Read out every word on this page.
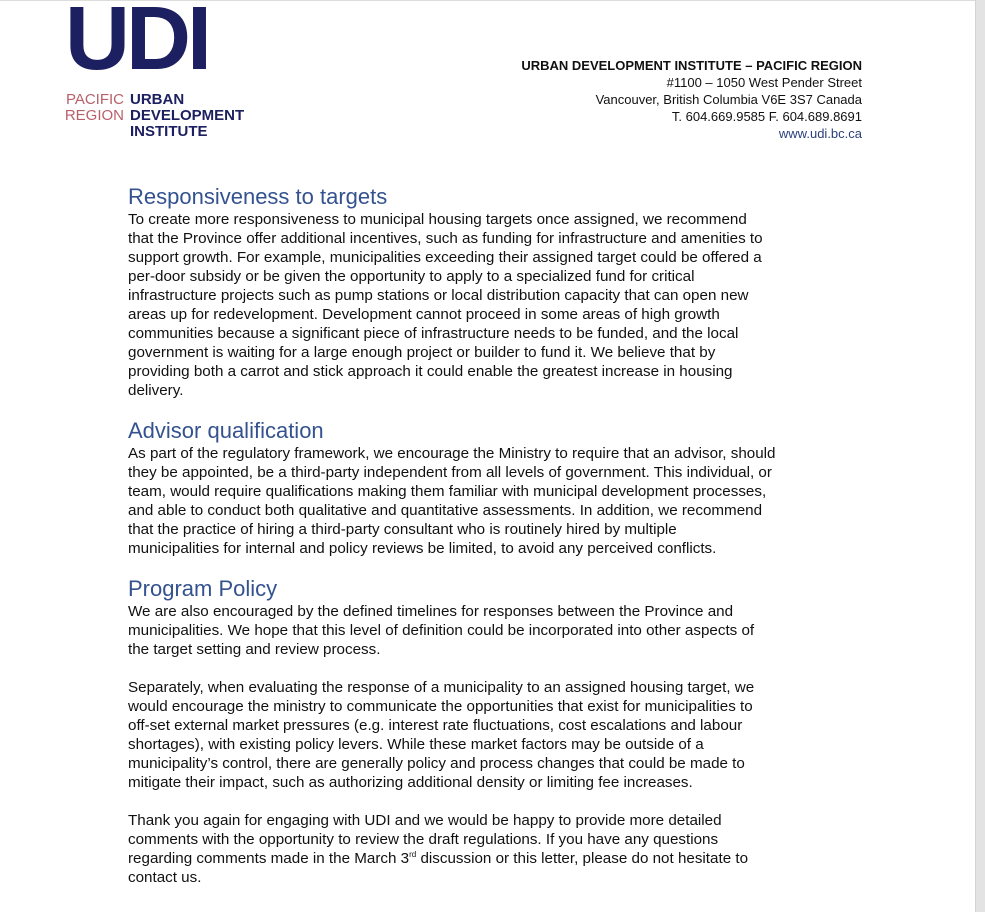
UDI
PACIFIC
REGION
URBAN
DEVELOPMENT
INSTITUTE
URBAN DEVELOPMENT INSTITUTE – PACIFIC REGION
#1100 – 1050 West Pender Street
Vancouver, British Columbia V6E 3S7 Canada
T. 604.669.9585 F. 604.689.8691
www.udi.bc.ca
Responsiveness to targets

To create more responsiveness to municipal housing targets once assigned, we recommend
that the Province offer additional incentives, such as funding for infrastructure and amenities to
support growth. For example, municipalities exceeding their assigned target could be offered a
per-door subsidy or be given the opportunity to apply to a specialized fund for critical
infrastructure projects such as pump stations or local distribution capacity that can open new
areas up for redevelopment. Development cannot proceed in some areas of high growth
communities because a significant piece of infrastructure needs to be funded, and the local
government is waiting for a large enough project or builder to fund it. We believe that by
providing both a carrot and stick approach it could enable the greatest increase in housing
delivery.

Advisor qualification

As part of the regulatory framework, we encourage the Ministry to require that an advisor, should
they be appointed, be a third-party independent from all levels of government. This individual, or
team, would require qualifications making them familiar with municipal development processes,
and able to conduct both qualitative and quantitative assessments. In addition, we recommend
that the practice of hiring a third-party consultant who is routinely hired by multiple
municipalities for internal and policy reviews be limited, to avoid any perceived conflicts.

Program Policy

We are also encouraged by the defined timelines for responses between the Province and
municipalities. We hope that this level of definition could be incorporated into other aspects of
the target setting and review process.

Separately, when evaluating the response of a municipality to an assigned housing target, we
would encourage the ministry to communicate the opportunities that exist for municipalities to
off-set external market pressures (e.g. interest rate fluctuations, cost escalations and labour
shortages), with existing policy levers. While these market factors may be outside of a
municipality’s control, there are generally policy and process changes that could be made to
mitigate their impact, such as authorizing additional density or limiting fee increases.

Thank you again for engaging with UDI and we would be happy to provide more detailed
comments with the opportunity to review the draft regulations. If you have any questions
regarding comments made in the March 3rd discussion or this letter, please do not hesitate to
contact us.
